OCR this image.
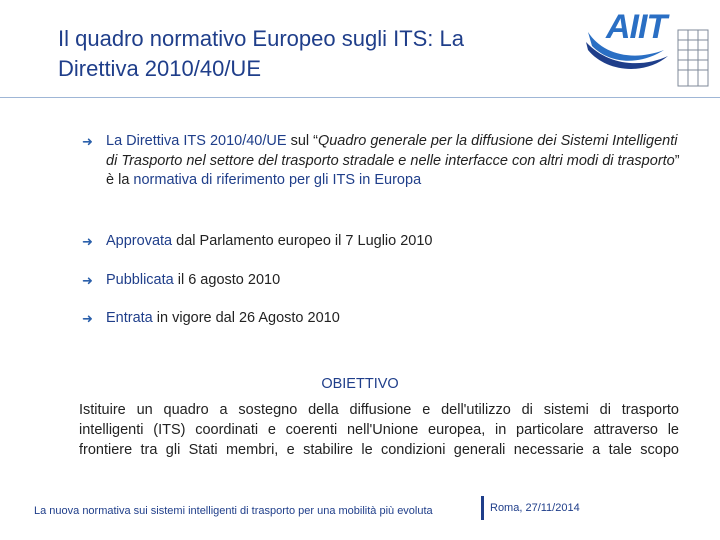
Il quadro normativo Europeo sugli ITS: La
Direttiva 2010/40/UE
AIIT
➜ La Direttiva ITS 2010/40/UE sul “Quadro generale per la diffusione dei Sistemi Intelligenti di Trasporto nel settore del trasporto stradale e nelle interfacce con altri modi di trasporto” è la normativa di riferimento per gli ITS in Europa
➜ Approvata dal Parlamento europeo il 7 Luglio 2010
➜ Pubblicata il 6 agosto 2010
➜ Entrata in vigore dal 26 Agosto 2010
OBIETTIVO
Istituire un quadro a sostegno della diffusione e dell'utilizzo di sistemi di trasporto
intelligenti (ITS) coordinati e coerenti nell'Unione europea, in particolare attraverso le
frontiere tra gli Stati membri, e stabilire le condizioni generali necessarie a tale scopo
La nuova normativa sui sistemi intelligenti di trasporto per una mobilità più evoluta	Roma, 27/11/2014
